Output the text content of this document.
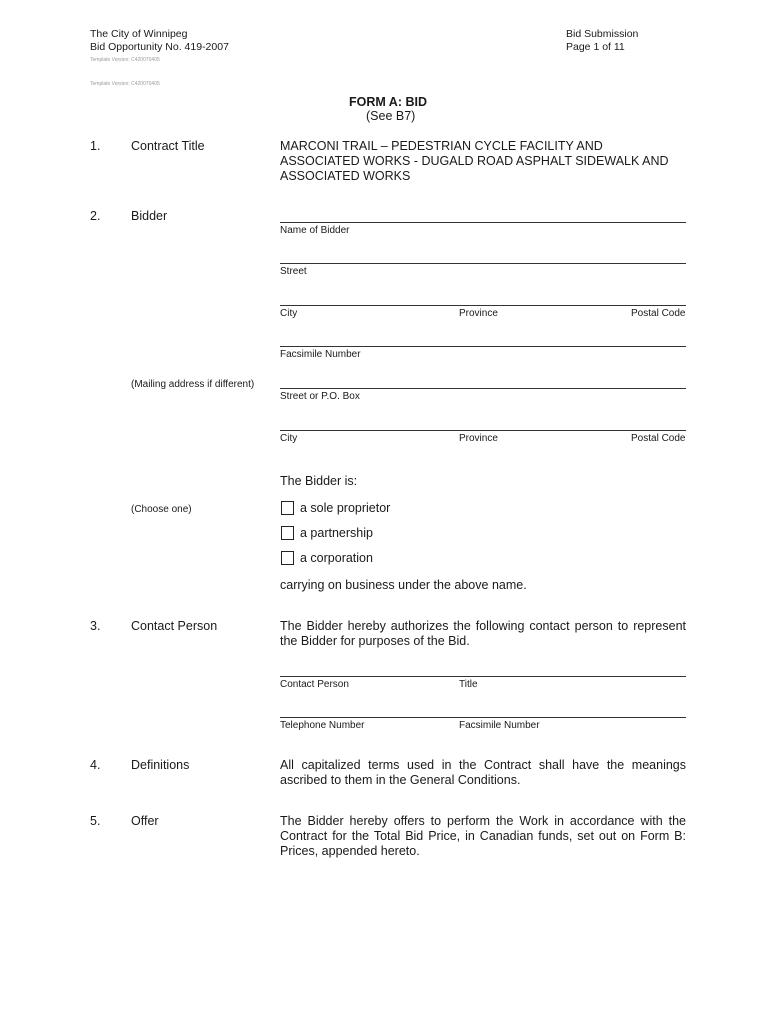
The City of Winnipeg
Bid Opportunity No. 419-2007
Bid Submission
Page 1 of 11
Template Version: C420070405
Template Version: C420070405
FORM A: BID
(See B7)
1. Contract Title	MARCONI TRAIL – PEDESTRIAN CYCLE FACILITY AND
ASSOCIATED WORKS - DUGALD ROAD ASPHALT SIDEWALK AND
ASSOCIATED WORKS
2. Bidder
Name of Bidder
Street
City	Province	Postal Code
Facsimile Number
(Mailing address if different)
Street or P.O. Box
City	Province	Postal Code
The Bidder is:
(Choose one)	a sole proprietor
a partnership
a corporation
carrying on business under the above name.
3. Contact Person	The Bidder hereby authorizes the following contact person to represent the Bidder for purposes of the Bid.
Contact Person	Title
Telephone Number	Facsimile Number
4. Definitions	All capitalized terms used in the Contract shall have the meanings ascribed to them in the General Conditions.
5. Offer	The Bidder hereby offers to perform the Work in accordance with the Contract for the Total Bid Price, in Canadian funds, set out on Form B: Prices, appended hereto.
